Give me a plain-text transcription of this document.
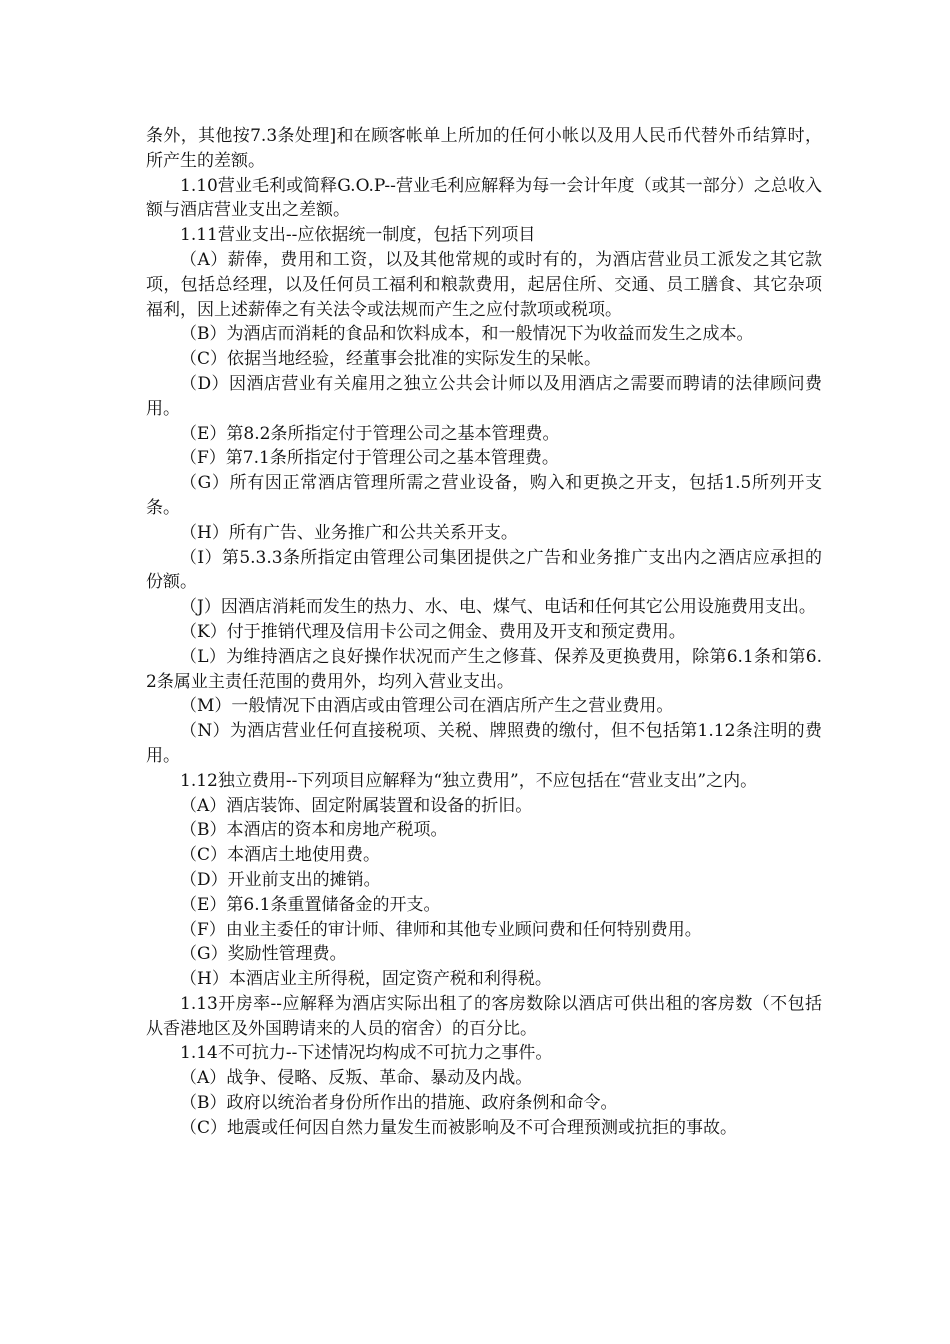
条外，其他按7.3条处理]和在顾客帐单上所加的任何小帐以及用人民币代替外币结算时，所产生的差额。

1.10营业毛利或简释G.O.P--营业毛利应解释为每一会计年度（或其一部分）之总收入额与酒店营业支出之差额。

1.11营业支出--应依据统一制度，包括下列项目

（A）薪俸，费用和工资，以及其他常规的或时有的，为酒店营业员工派发之其它款项，包括总经理，以及任何员工福利和粮款费用，起居住所、交通、员工膳食、其它杂项福利，因上述薪俸之有关法令或法规而产生之应付款项或税项。

（B）为酒店而消耗的食品和饮料成本，和一般情况下为收益而发生之成本。

（C）依据当地经验，经董事会批准的实际发生的呆帐。

（D）因酒店营业有关雇用之独立公共会计师以及用酒店之需要而聘请的法律顾问费用。

（E）第8.2条所指定付于管理公司之基本管理费。

（F）第7.1条所指定付于管理公司之基本管理费。

（G）所有因正常酒店管理所需之营业设备，购入和更换之开支，包括1.5所列开支条。

（H）所有广告、业务推广和公共关系开支。

（I）第5.3.3条所指定由管理公司集团提供之广告和业务推广支出内之酒店应承担的份额。

（J）因酒店消耗而发生的热力、水、电、煤气、电话和任何其它公用设施费用支出。

（K）付于推销代理及信用卡公司之佣金、费用及开支和预定费用。

（L）为维持酒店之良好操作状况而产生之修葺、保养及更换费用，除第6.1条和第6.2条属业主责任范围的费用外，均列入营业支出。

（M）一般情况下由酒店或由管理公司在酒店所产生之营业费用。

（N）为酒店营业任何直接税项、关税、牌照费的缴付，但不包括第1.12条注明的费用。

1.12独立费用--下列项目应解释为“独立费用”，不应包括在“营业支出”之内。

（A）酒店装饰、固定附属装置和设备的折旧。

（B）本酒店的资本和房地产税项。

（C）本酒店土地使用费。

（D）开业前支出的摊销。

（E）第6.1条重置储备金的开支。

（F）由业主委任的审计师、律师和其他专业顾问费和任何特别费用。

（G）奖励性管理费。

（H）本酒店业主所得税，固定资产税和利得税。

1.13开房率--应解释为酒店实际出租了的客房数除以酒店可供出租的客房数（不包括从香港地区及外国聘请来的人员的宿舍）的百分比。

1.14不可抗力--下述情况均构成不可抗力之事件。

（A）战争、侵略、反叛、革命、暴动及内战。

（B）政府以统治者身份所作出的措施、政府条例和命令。

（C）地震或任何因自然力量发生而被影响及不可合理预测或抗拒的事故。
